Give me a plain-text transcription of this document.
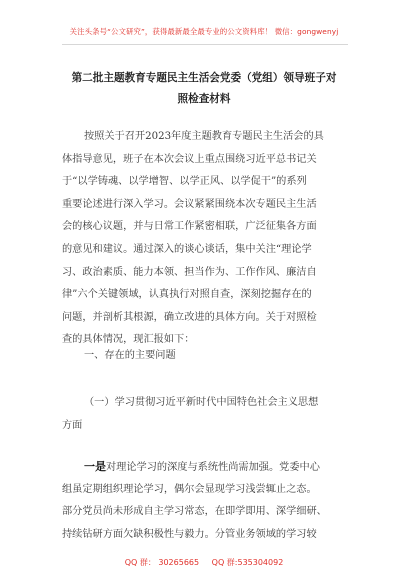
关注头条号“公文研究”，获得最新最全最专业的公文资料库！ 微信：gongwenyj
第二批主题教育专题民主生活会党委（党组）领导班子对
照检查材料
按照关于召开2023年度主题教育专题民主生活会的具
体指导意见，班子在本次会议上重点围绕习近平总书记关
于“以学铸魂、以学增智、以学正风、以学促干”的系列
重要论述进行深入学习。会议紧紧围绕本次专题民主生活
会的核心议题，并与日常工作紧密相联，广泛征集各方面
的意见和建议。通过深入的谈心谈话，集中关注“理论学
习、政治素质、能力本领、担当作为、工作作风、廉洁自
律”六个关键领域，认真执行对照自查，深刻挖掘存在的
问题，并剖析其根源，确立改进的具体方向。关于对照检
查的具体情况，现汇报如下：
一、存在的主要问题
（一）学习贯彻习近平新时代中国特色社会主义思想
方面
一是对理论学习的深度与系统性尚需加强。党委中心
组虽定期组织理论学习，偶尔会显现学习浅尝辄止之态。
部分党员尚未形成自主学习常态，在即学即用、深学细研、
持续钻研方面欠缺积极性与毅力。分管业务领域的学习较
QQ 群： 30265665 QQ 群:535304092
